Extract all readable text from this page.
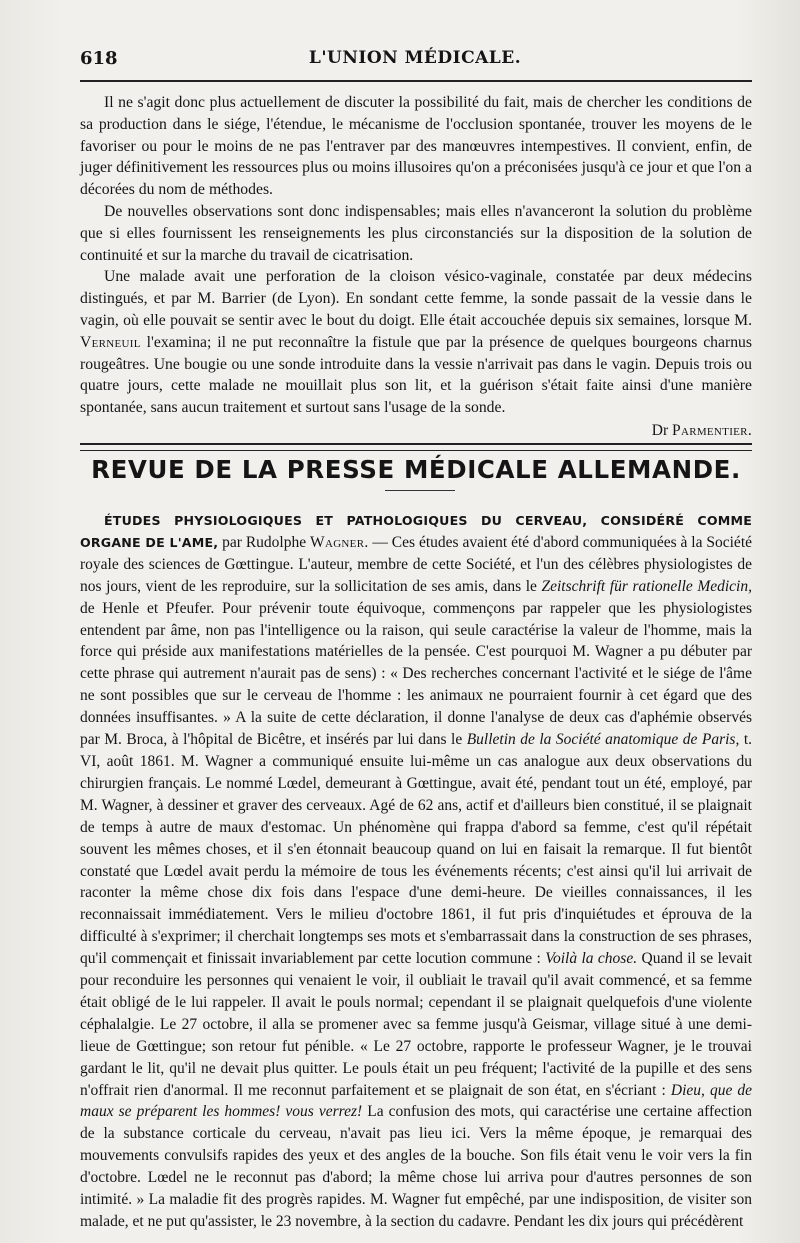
618	L'UNION MÉDICALE.

Il ne s'agit donc plus actuellement de discuter la possibilité du fait, mais de chercher les conditions de sa production dans le siége, l'étendue, le mécanisme de l'occlusion spontanée, trouver les moyens de le favoriser ou pour le moins de ne pas l'entraver par des manœuvres intempestives. Il convient, enfin, de juger définitivement les ressources plus ou moins illusoires qu'on a préconisées jusqu'à ce jour et que l'on a décorées du nom de méthodes.

De nouvelles observations sont donc indispensables; mais elles n'avanceront la solution du problème que si elles fournissent les renseignements les plus circonstanciés sur la disposition de la solution de continuité et sur la marche du travail de cicatrisation.

Une malade avait une perforation de la cloison vésico-vaginale, constatée par deux médecins distingués, et par M. Barrier (de Lyon). En sondant cette femme, la sonde passait de la vessie dans le vagin, où elle pouvait se sentir avec le bout du doigt. Elle était accouchée depuis six semaines, lorsque M. Verneuil l'examina; il ne put reconnaître la fistule que par la présence de quelques bourgeons charnus rougeâtres. Une bougie ou une sonde introduite dans la vessie n'arrivait pas dans le vagin. Depuis trois ou quatre jours, cette malade ne mouillait plus son lit, et la guérison s'était faite ainsi d'une manière spontanée, sans aucun traitement et surtout sans l'usage de la sonde.

Dr Parmentier.
REVUE DE LA PRESSE MÉDICALE ALLEMANDE.

ÉTUDES PHYSIOLOGIQUES ET PATHOLOGIQUES DU CERVEAU, CONSIDÉRÉ COMME ORGANE DE L'AME, par Rudolphe Wagner. — Ces études avaient été d'abord communiquées à la Société royale des sciences de Gœttingue. L'auteur, membre de cette Société, et l'un des célèbres physiologistes de nos jours, vient de les reproduire, sur la sollicitation de ses amis, dans le Zeitschrift für rationelle Medicin, de Henle et Pfeufer. Pour prévenir toute équivoque, commençons par rappeler que les physiologistes entendent par âme, non pas l'intelligence ou la raison, qui seule caractérise la valeur de l'homme, mais la force qui préside aux manifestations matérielles de la pensée. C'est pourquoi M. Wagner a pu débuter par cette phrase qui autrement n'aurait pas de sens) : « Des recherches concernant l'activité et le siége de l'âme ne sont possibles que sur le cerveau de l'homme : les animaux ne pourraient fournir à cet égard que des données insuffisantes. » A la suite de cette déclaration, il donne l'analyse de deux cas d'aphémie observés par M. Broca, à l'hôpital de Bicêtre, et insérés par lui dans le Bulletin de la Société anatomique de Paris, t. VI, août 1861. M. Wagner a communiqué ensuite lui-même un cas analogue aux deux observations du chirurgien français. Le nommé Lœdel, demeurant à Gœttingue, avait été, pendant tout un été, employé, par M. Wagner, à dessiner et graver des cerveaux. Agé de 62 ans, actif et d'ailleurs bien constitué, il se plaignait de temps à autre de maux d'estomac. Un phénomène qui frappa d'abord sa femme, c'est qu'il répétait souvent les mêmes choses, et il s'en étonnait beaucoup quand on lui en faisait la remarque. Il fut bientôt constaté que Lœdel avait perdu la mémoire de tous les événements récents; c'est ainsi qu'il lui arrivait de raconter la même chose dix fois dans l'espace d'une demi-heure. De vieilles connaissances, il les reconnaissait immédiatement. Vers le milieu d'octobre 1861, il fut pris d'inquiétudes et éprouva de la difficulté à s'exprimer; il cherchait longtemps ses mots et s'embarrassait dans la construction de ses phrases, qu'il commençait et finissait invariablement par cette locution commune : Voilà la chose. Quand il se levait pour reconduire les personnes qui venaient le voir, il oubliait le travail qu'il avait commencé, et sa femme était obligé de le lui rappeler. Il avait le pouls normal; cependant il se plaignait quelquefois d'une violente céphalalgie. Le 27 octobre, il alla se promener avec sa femme jusqu'à Geismar, village situé à une demi-lieue de Gœttingue; son retour fut pénible. « Le 27 octobre, rapporte le professeur Wagner, je le trouvai gardant le lit, qu'il ne devait plus quitter. Le pouls était un peu fréquent; l'activité de la pupille et des sens n'offrait rien d'anormal. Il me reconnut parfaitement et se plaignait de son état, en s'écriant : Dieu, que de maux se préparent les hommes! vous verrez! La confusion des mots, qui caractérise une certaine affection de la substance corticale du cerveau, n'avait pas lieu ici. Vers la même époque, je remarquai des mouvements convulsifs rapides des yeux et des angles de la bouche. Son fils était venu le voir vers la fin d'octobre. Lœdel ne le reconnut pas d'abord; la même chose lui arriva pour d'autres personnes de son intimité. » La maladie fit des progrès rapides. M. Wagner fut empêché, par une indisposition, de visiter son malade, et ne put qu'assister, le 23 novembre, à la section du cadavre. Pendant les dix jours qui précédèrent
